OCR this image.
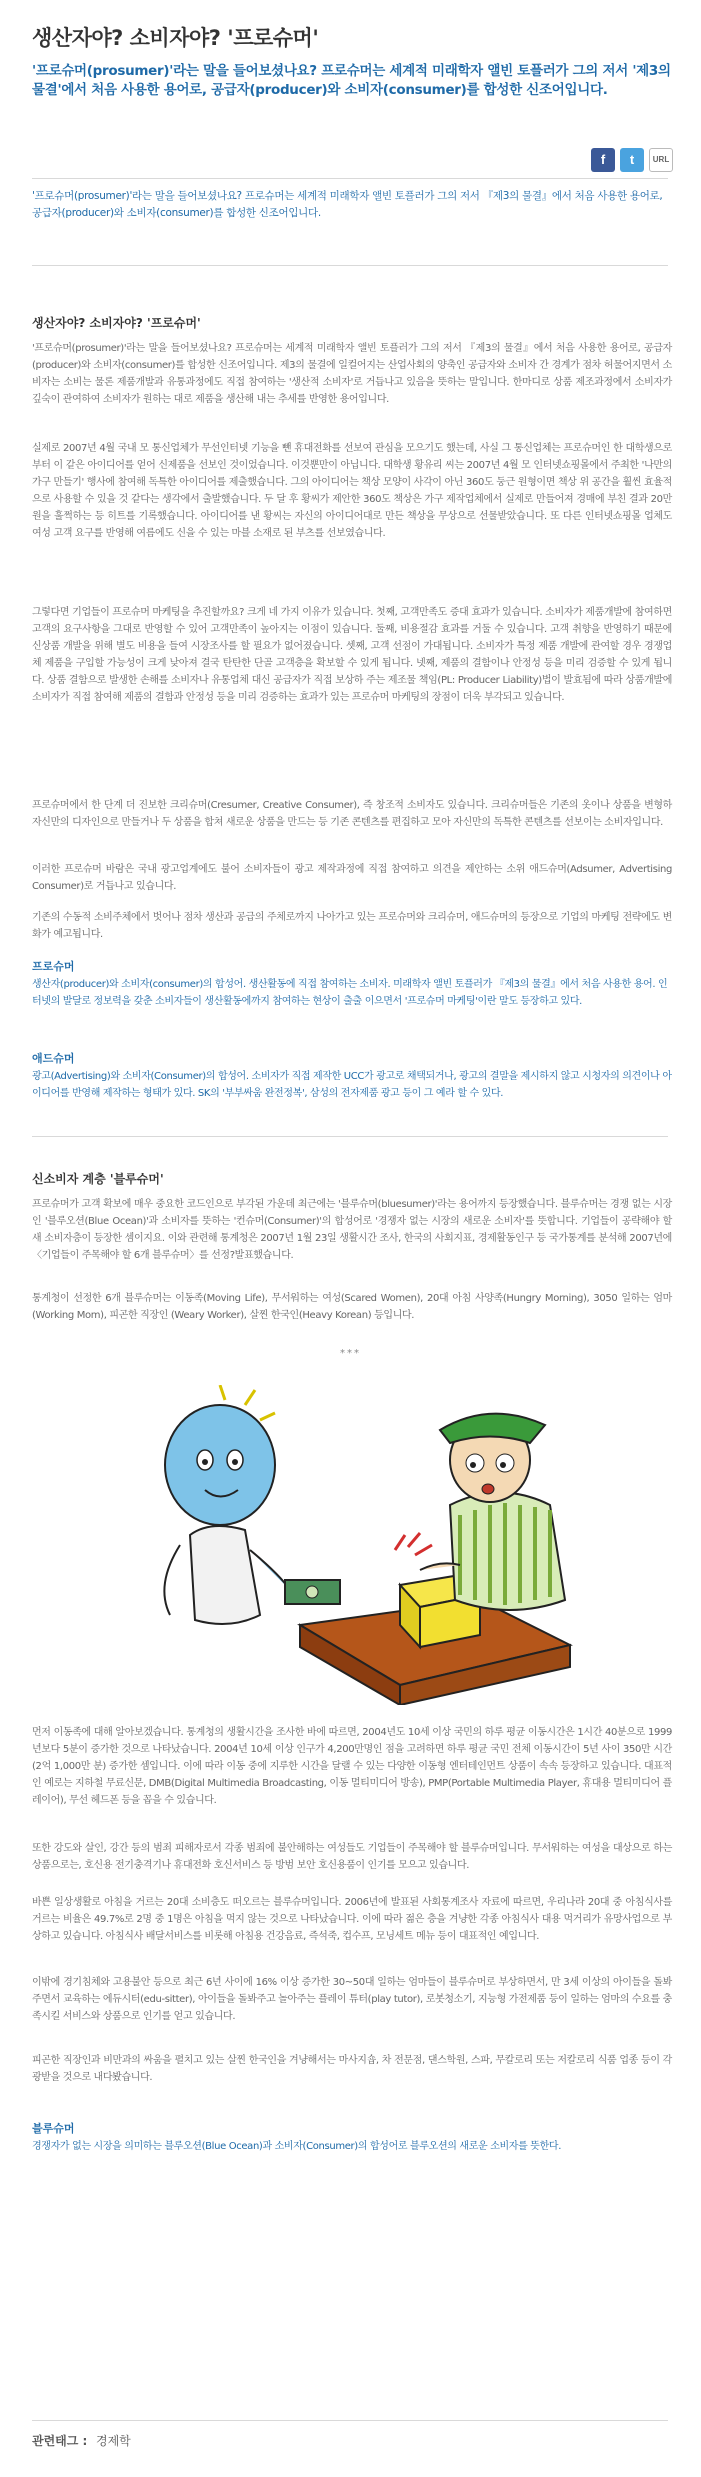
생산자야? 소비자야? '프로슈머'
'프로슈머(prosumer)'라는 말을 들어보셨나요? 프로슈머는 세계적 미래학자 앨빈 토플러가 그의 저서 '제3의 물결'에서 처음 사용한 용어로, 공급자(producer)와 소비자(consumer)를 합성한 신조어입니다.
f	t	URL
'프로슈머(prosumer)'라는 말을 들어보셨나요? 프로슈머는 세계적 미래학자 앨빈 토플러가 그의 저서 『제3의 물결』에서 처음 사용한 용어로, 공급자(producer)와 소비자(consumer)를 합성한 신조어입니다.
생산자야? 소비자야? '프로슈머'
'프로슈머(prosumer)'라는 말을 들어보셨나요? 프로슈머는 세계적 미래학자 앨빈 토플러가 그의 저서 『제3의 물결』에서 처음 사용한 용어로, 공급자(producer)와 소비자(consumer)를 합성한 신조어입니다. 제3의 물결에 일컬어지는 산업사회의 양축인 공급자와 소비자 간 경계가 점차 허물어지면서 소비자는 소비는 물론 제품개발과 유통과정에도 직접 참여하는 '생산적 소비자'로 거듭나고 있음을 뜻하는 말입니다. 한마디로 상품 제조과정에서 소비자가 깊숙이 관여하여 소비자가 원하는 대로 제품을 생산해 내는 추세를 반영한 용어입니다.
실제로 2007년 4월 국내 모 통신업체가 무선인터넷 기능을 뺀 휴대전화를 선보여 관심을 모으기도 했는데, 사실 그 통신업체는 프로슈머인 한 대학생으로부터 이 같은 아이디어를 얻어 신제품을 선보인 것이었습니다. 이것뿐만이 아닙니다. 대학생 황유리 씨는 2007년 4월 모 인터넷쇼핑몰에서 주최한 '나만의 가구 만들기' 행사에 참여해 독특한 아이디어를 제출했습니다. 그의 아이디어는 책상 모양이 사각이 아닌 360도 둥근 원형이면 책상 위 공간을 훨씬 효율적으로 사용할 수 있을 것 같다는 생각에서 출발했습니다. 두 달 후 황씨가 제안한 360도 책상은 가구 제작업체에서 실제로 만들어져 경매에 부친 결과 20만원을 훌쩍하는 등 히트를 기록했습니다. 아이디어를 낸 황씨는 자신의 아이디어대로 만든 책상을 무상으로 선물받았습니다. 또 다른 인터넷쇼핑몰 업체도 여성 고객 요구를 반영해 여름에도 신을 수 있는 마블 소재로 된 부츠를 선보였습니다.
그렇다면 기업들이 프로슈머 마케팅을 추진할까요? 크게 네 가지 이유가 있습니다. 첫째, 고객만족도 증대 효과가 있습니다. 소비자가 제품개발에 참여하면 고객의 요구사항을 그대로 반영할 수 있어 고객만족이 높아지는 이점이 있습니다. 둘째, 비용절감 효과를 거둘 수 있습니다. 고객 취향을 반영하기 때문에 신상품 개발을 위해 별도 비용을 들여 시장조사를 할 필요가 없어졌습니다. 셋째, 고객 선점이 가대됩니다. 소비자가 특정 제품 개발에 관여할 경우 경쟁업체 제품을 구입할 가능성이 크게 낮아져 결국 탄탄한 단골 고객층을 확보할 수 있게 됩니다. 넷째, 제품의 결함이나 안정성 등을 미리 검증할 수 있게 됩니다. 상품 결함으로 발생한 손해를 소비자나 유통업체 대신 공급자가 직접 보상하 주는 제조물 책임(PL: Producer Liability)법이 발효됨에 따라 상품개발에 소비자가 직접 참여해 제품의 결함과 안정성 등을 미리 검증하는 효과가 있는 프로슈머 마케팅의 장점이 더욱 부각되고 있습니다.
프로슈머에서 한 단계 더 진보한 크리슈머(Cresumer, Creative Consumer), 즉 창조적 소비자도 있습니다. 크리슈머들은 기존의 옷이나 상품을 변형하 자신만의 디자인으로 만들거나 두 상품을 합쳐 새로운 상품을 만드는 등 기존 콘텐츠를 편집하고 모아 자신만의 독특한 콘텐츠를 선보이는 소비자입니다.
이러한 프로슈머 바람은 국내 광고업계에도 불어 소비자들이 광고 제작과정에 직접 참여하고 의견을 제안하는 소위 애드슈머(Adsumer, Advertising Consumer)로 거듭나고 있습니다.
기존의 수동적 소비주체에서 벗어나 점차 생산과 공급의 주체로까지 나아가고 있는 프로슈머와 크리슈머, 애드슈머의 등장으로 기업의 마케팅 전략에도 변화가 예고됩니다.
프로슈머
생산자(producer)와 소비자(consumer)의 합성어. 생산활동에 직접 참여하는 소비자. 미래학자 앨빈 토플러가 『제3의 물결』에서 처음 사용한 용어. 인터넷의 발달로 정보력을 갖춘 소비자들이 생산활동에까지 참여하는 현상이 출출 이으면서 '프로슈머 마케팅'이란 말도 등장하고 있다.
애드슈머
광고(Advertising)와 소비자(Consumer)의 합성어. 소비자가 직접 제작한 UCC가 광고로 채택되거나, 광고의 결말을 제시하지 않고 시청자의 의견이나 아이디어를 반영해 제작하는 형태가 있다. SK의 '부부싸움 완전정복', 삼성의 전자제품 광고 등이 그 예라 할 수 있다.
신소비자 계층 '블루슈머'
프로슈머가 고객 확보에 매우 중요한 코드인으로 부각된 가운데 최근에는 '블루슈머(bluesumer)'라는 용어까지 등장했습니다. 블루슈머는 경쟁 없는 시장인 '블루오션(Blue Ocean)'과 소비자를 뜻하는 '컨슈머(Consumer)'의 합성어로 '경쟁자 없는 시장의 새로운 소비자'를 뜻합니다. 기업들이 공략해야 할 새 소비자층이 등장한 셈이지요. 이와 관련해 통계청은 2007년 1월 23일 생활시간 조사, 한국의 사회지표, 경제활동인구 등 국가통계를 분석해 2007년에 〈기업들이 주목해야 할 6개 블루슈머〉를 선정?발표했습니다.
통계청이 선정한 6개 블루슈머는 이동족(Moving Life), 무서워하는 여성(Scared Women), 20대 아침 사양족(Hungry Morning), 3050 일하는 엄마(Working Mom), 피곤한 직장인 (Weary Worker), 살찐 한국인(Heavy Korean) 등입니다.
***
먼저 이동족에 대해 알아보겠습니다. 통계청의 생활시간을 조사한 바에 따르면, 2004년도 10세 이상 국민의 하루 평균 이동시간은 1시간 40분으로 1999년보다 5분이 증가한 것으로 나타났습니다. 2004년 10세 이상 인구가 4,200만명인 점을 고려하면 하루 평균 국민 전체 이동시간이 5년 사이 350만 시간(2억 1,000만 분) 증가한 셈입니다. 이에 따라 이동 중에 지루한 시간을 달랠 수 있는 다양한 이동형 엔터테인먼트 상품이 속속 등장하고 있습니다. 대표적인 예로는 지하철 무료신문, DMB(Digital Multimedia Broadcasting, 이동 멀티미디어 방송), PMP(Portable Multimedia Player, 휴대용 멀티미디어 플레이어), 무선 헤드폰 등을 꼽을 수 있습니다.
또한 강도와 살인, 강간 등의 범죄 피해자로서 각종 범죄에 불안해하는 여성들도 기업들이 주목해야 할 블루슈머입니다. 무서워하는 여성을 대상으로 하는 상품으로는, 호신용 전기충격기나 휴대전화 호신서비스 등 방범 보안 호신용품이 인기를 모으고 있습니다.
바쁜 일상생활로 아침을 거르는 20대 소비층도 떠오르는 블루슈머입니다. 2006년에 발표된 사회통계조사 자료에 따르면, 우리나라 20대 중 아침식사를 거르는 비율은 49.7%로 2명 중 1명은 아침을 먹지 않는 것으로 나타났습니다. 이에 따라 젊은 층을 겨냥한 각종 아침식사 대용 먹거리가 유망사업으로 부상하고 있습니다. 아침식사 배달서비스를 비롯해 아침용 건강음료, 즉석죽, 컵수프, 모닝세트 메뉴 등이 대표적인 예입니다.
이밖에 경기침체와 고용불안 등으로 최근 6년 사이에 16% 이상 증가한 30~50대 일하는 엄마들이 블루슈머로 부상하면서, 만 3세 이상의 아이들을 돌봐주면서 교육하는 에듀시터(edu-sitter), 아이들을 돌봐주고 놀아주는 플레이 튜터(play tutor), 로봇청소기, 지능형 가전제품 등이 일하는 엄마의 수요를 충족시킬 서비스와 상품으로 인기를 얻고 있습니다.
피곤한 직장인과 비만과의 싸움을 펼치고 있는 살찐 한국인을 겨냥해서는 마사지숍, 차 전문점, 댄스학원, 스파, 무칼로리 또는 저칼로리 식품 업종 등이 각광받을 것으로 내다봤습니다.
블루슈머
경쟁자가 없는 시장을 의미하는 블루오션(Blue Ocean)과 소비자(Consumer)의 합성어로 블루오션의 새로운 소비자를 뜻한다.
관련태그 : 경제학
